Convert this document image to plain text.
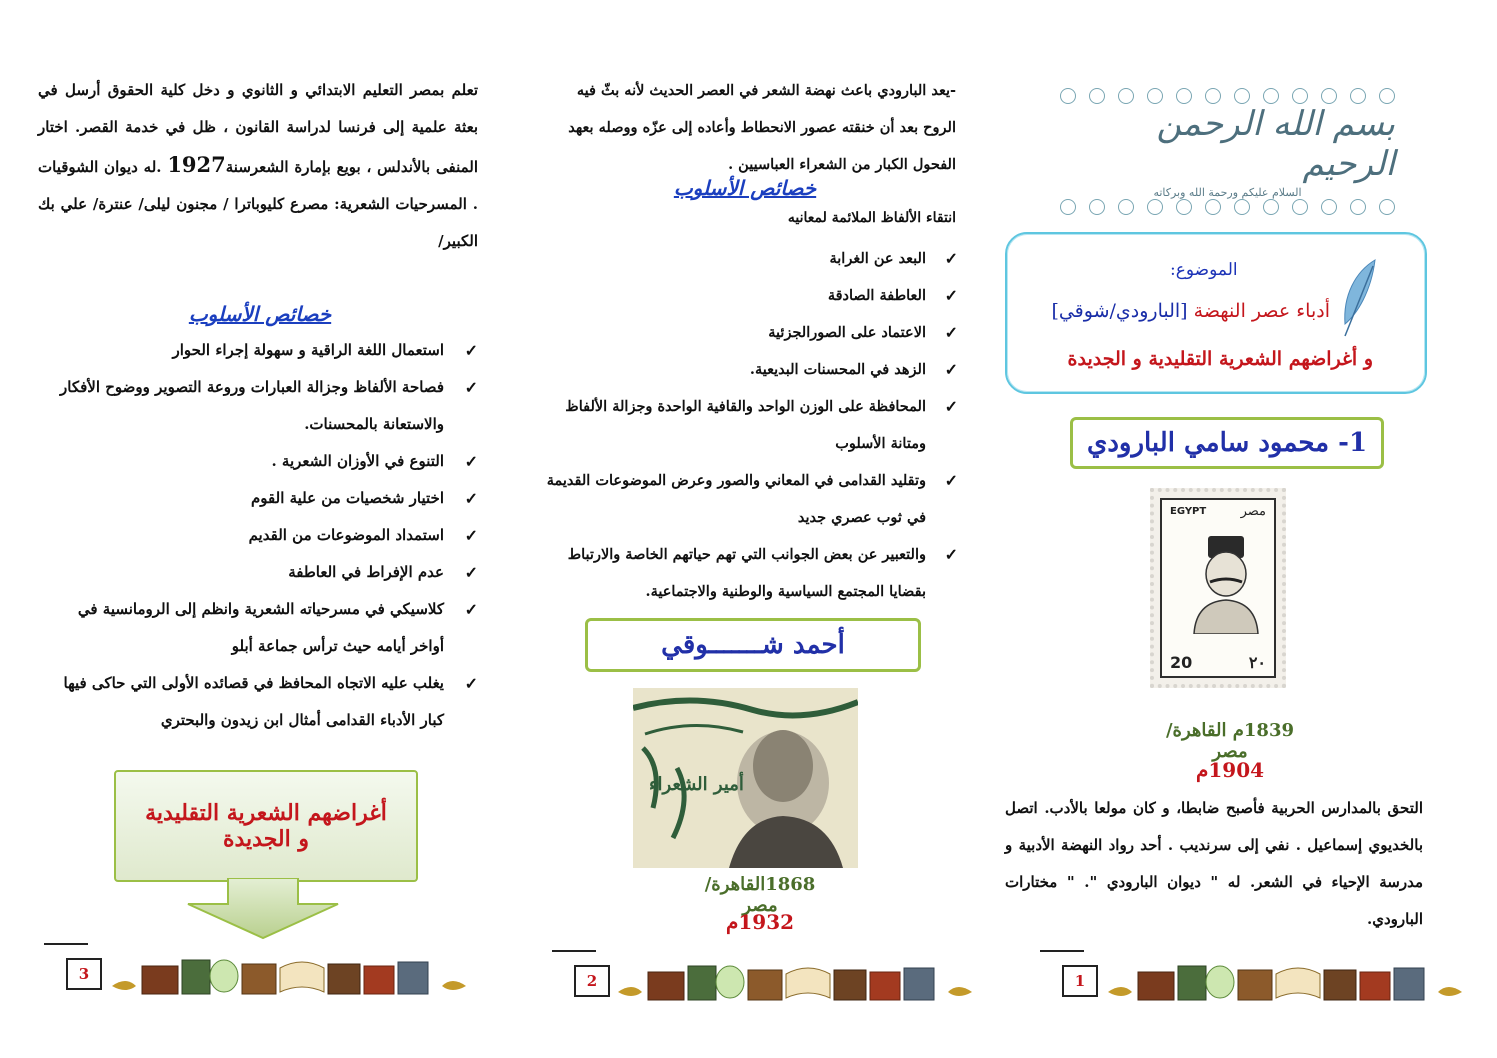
بسم الله الرحمن الرحيم
السلام عليكم ورحمة الله وبركاته
الموضوع:
أدباء عصر النهضة [البارودي/شوقي]
و أغراضهم الشعرية التقليدية و الجديدة
1- محمود سامي البارودي
EGYPT	مصر
20	٢٠
1839م القاهرة/مصر
1904م
التحق بالمدارس الحربية فأصبح ضابطا، و كان مولعا بالأدب. اتصل بالخديوي إسماعيل . نفي إلى سرنديب . أحد رواد النهضة الأدبية و مدرسة الإحياء في الشعر. له " ديوان البارودي ". " مختارات البارودي.
-يعد البارودي باعث نهضة الشعر في العصر الحديث لأنه بثّ فيه الروح بعد أن خنقته عصور الانحطاط وأعاده إلى عزّه ووصله بعهد الفحول الكبار من الشعراء العباسيين .
خصائص الأسلوب
انتقاء الألفاظ الملائمة لمعانيه
✓
البعد عن الغرابة
✓
العاطفة الصادقة
✓
الاعتماد على الصورالجزئية
✓
الزهد في المحسنات البديعية.
✓
المحافظة على الوزن الواحد والقافية الواحدة وجزالة الألفاظ ومتانة الأسلوب
✓
وتقليد القدامى في المعاني والصور وعرض الموضوعات القديمة في ثوب عصري جديد
✓
والتعبير عن بعض الجوانب التي تهم حياتهم الخاصة والارتباط بقضايا المجتمع السياسية والوطنية والاجتماعية.
أحمد شـــــــوقي
أمير الشعراء
1868القاهرة/مصر
1932م
تعلم بمصر التعليم الابتدائي و الثانوي و دخل كلية الحقوق أرسل في بعثة علمية إلى فرنسا لدراسة القانون ، ظل في خدمة القصر. اختار المنفى بالأندلس ، بويع بإمارة الشعرسنة1927 .له ديوان الشوقيات . المسرحيات الشعرية: مصرع كليوباترا / مجنون ليلى/ عنترة/ علي بك الكبير/
خصائص الأسلوب
✓
استعمال اللغة الراقية و سهولة إجراء الحوار
✓
فصاحة الألفاظ وجزالة العبارات وروعة التصوير ووضوح الأفكار والاستعانة بالمحسنات.
✓
التنوع في الأوزان الشعرية .
✓
اختيار شخصيات من علية القوم
✓
استمداد الموضوعات من القديم
✓
عدم الإفراط في العاطفة
✓
كلاسيكي في مسرحياته الشعرية وانظم إلى الرومانسية في أواخر أيامه حيث ترأس جماعة أبلو
✓
يغلب عليه الاتجاه المحافظ في قصائده الأولى التي حاكى فيها كبار الأدباء القدامى أمثال ابن زيدون والبحتري
أغراضهم الشعرية التقليدية
و الجديدة
1
2
3
